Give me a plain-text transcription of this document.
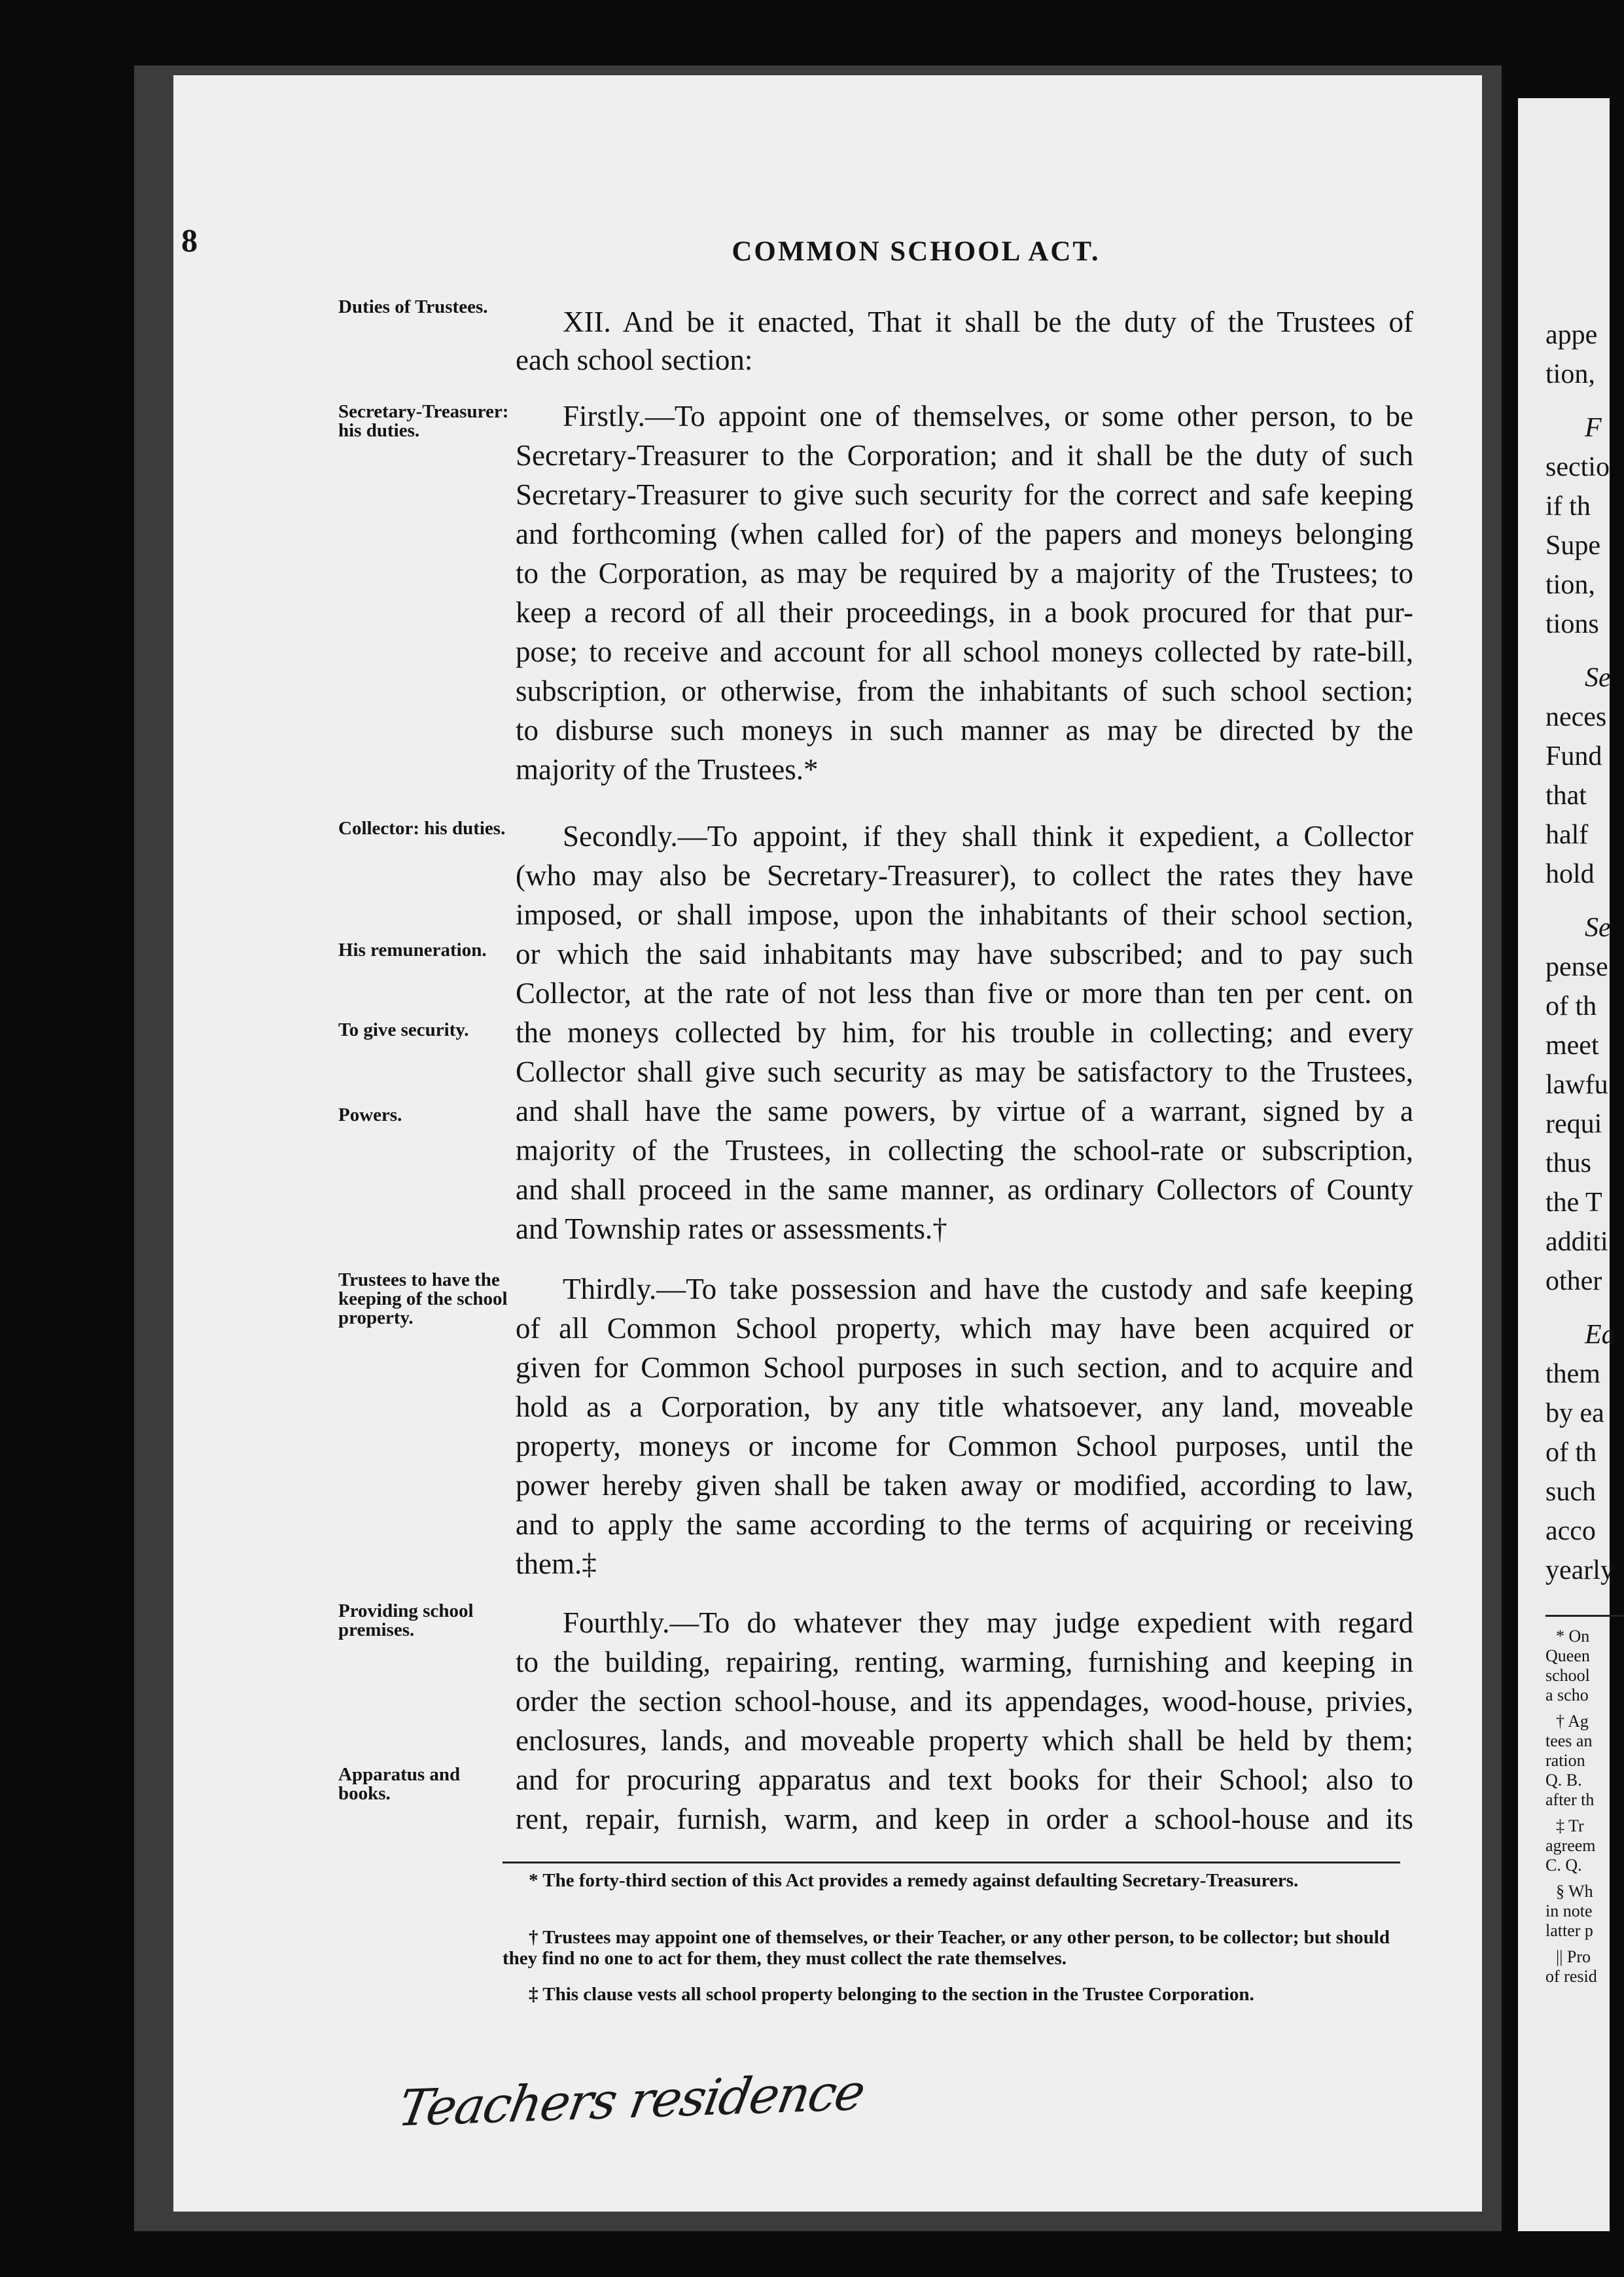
8	COMMON SCHOOL ACT.
Duties of Trustees.
Secretary-Treasurer: his duties.
Collector: his duties.
His remuneration.
To give security.
Powers.
Trustees to have the keeping of the school property.
Providing school premises.
Apparatus and books.
XII. And be it enacted, That it shall be the duty of the Trustees of
each school section:
Firstly.—To appoint one of themselves, or some other person, to be
Secretary-Treasurer to the Corporation; and it shall be the duty of such
Secretary-Treasurer to give such security for the correct and safe keeping
and forthcoming (when called for) of the papers and moneys belonging
to the Corporation, as may be required by a majority of the Trustees; to
keep a record of all their proceedings, in a book procured for that pur-
pose; to receive and account for all school moneys collected by rate-bill,
subscription, or otherwise, from the inhabitants of such school section;
to disburse such moneys in such manner as may be directed by the
majority of the Trustees.*
Secondly.—To appoint, if they shall think it expedient, a Collector
(who may also be Secretary-Treasurer), to collect the rates they have
imposed, or shall impose, upon the inhabitants of their school section,
or which the said inhabitants may have subscribed; and to pay such
Collector, at the rate of not less than five or more than ten per cent. on
the moneys collected by him, for his trouble in collecting; and every
Collector shall give such security as may be satisfactory to the Trustees,
and shall have the same powers, by virtue of a warrant, signed by a
majority of the Trustees, in collecting the school-rate or subscription,
and shall proceed in the same manner, as ordinary Collectors of County
and Township rates or assessments.†
Thirdly.—To take possession and have the custody and safe keeping
of all Common School property, which may have been acquired or
given for Common School purposes in such section, and to acquire and
hold as a Corporation, by any title whatsoever, any land, moveable
property, moneys or income for Common School purposes, until the
power hereby given shall be taken away or modified, according to law,
and to apply the same according to the terms of acquiring or receiving
them.‡
Fourthly.—To do whatever they may judge expedient with regard
to the building, repairing, renting, warming, furnishing and keeping in
order the section school-house, and its appendages, wood-house, privies,
enclosures, lands, and moveable property which shall be held by them;
and for procuring apparatus and text books for their School; also to
rent, repair, furnish, warm, and keep in order a school-house and its
* The forty-third section of this Act provides a remedy against defaulting Secretary-Treasurers.
† Trustees may appoint one of themselves, or their Teacher, or any other person, to be collector; but should they find no one to act for them, they must collect the rate themselves.
‡ This clause vests all school property belonging to the section in the Trustee Corporation.
Teachers residence
appe
tion,
F
sectio
if th
Supe
tion,
tions
Se
neces
Fund
that
half
hold
Se
pense
of th
meet
lawfu
requi
thus
the T
additi
other
Ea
them
by ea
of th
such
acco
yearly
* On
Queen
school
a scho
† Ag
tees an
ration
Q. B.
after th
‡ Tr
agreem
C. Q.
§ Wh
in note
latter p
|| Pro
of resid
